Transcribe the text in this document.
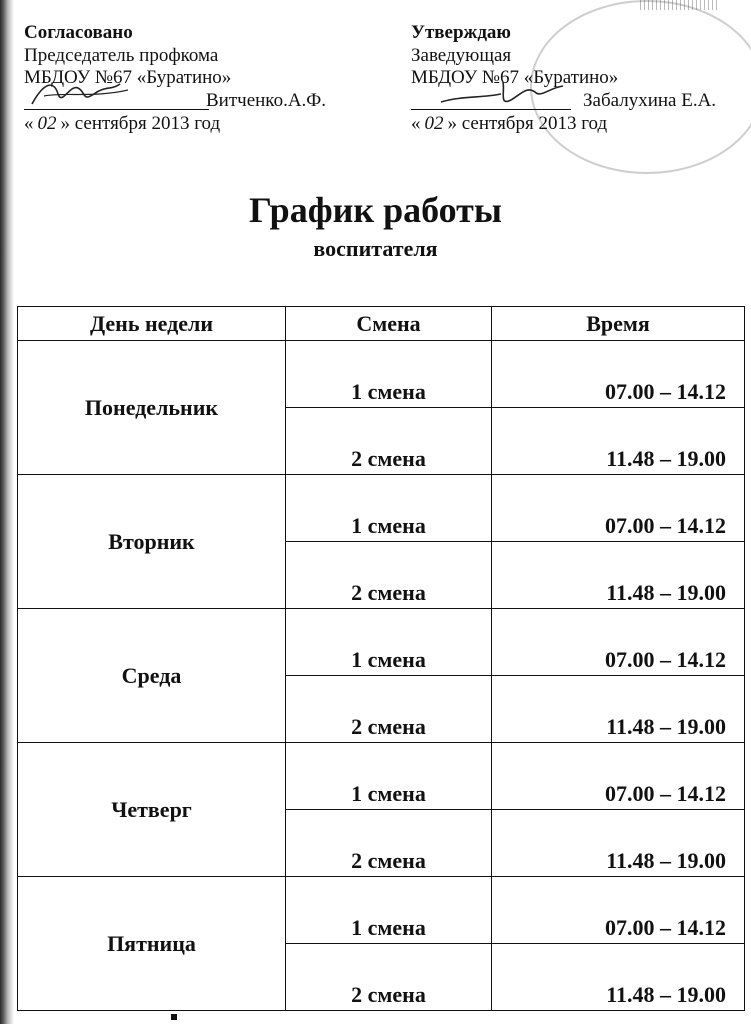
Согласовано
Председатель профкома
МБДОУ №67 «Буратино»
Витченко.А.Ф.
« 02 » сентября 2013 год
Утверждаю
Заведующая
МБДОУ №67 «Буратино»
Забалухина Е.А.
« 02 » сентября 2013 год
График работы
воспитателя
День недели	Смена	Время
Понедельник	1 смена	07.00 – 14.12

	2 смена	11.48 – 19.00

Вторник	1 смена	07.00 – 14.12

	2 смена	11.48 – 19.00

Среда	1 смена	07.00 – 14.12

	2 смена	11.48 – 19.00

Четверг	1 смена	07.00 – 14.12

	2 смена	11.48 – 19.00

Пятница	1 смена	07.00 – 14.12

	2 смена	11.48 – 19.00
